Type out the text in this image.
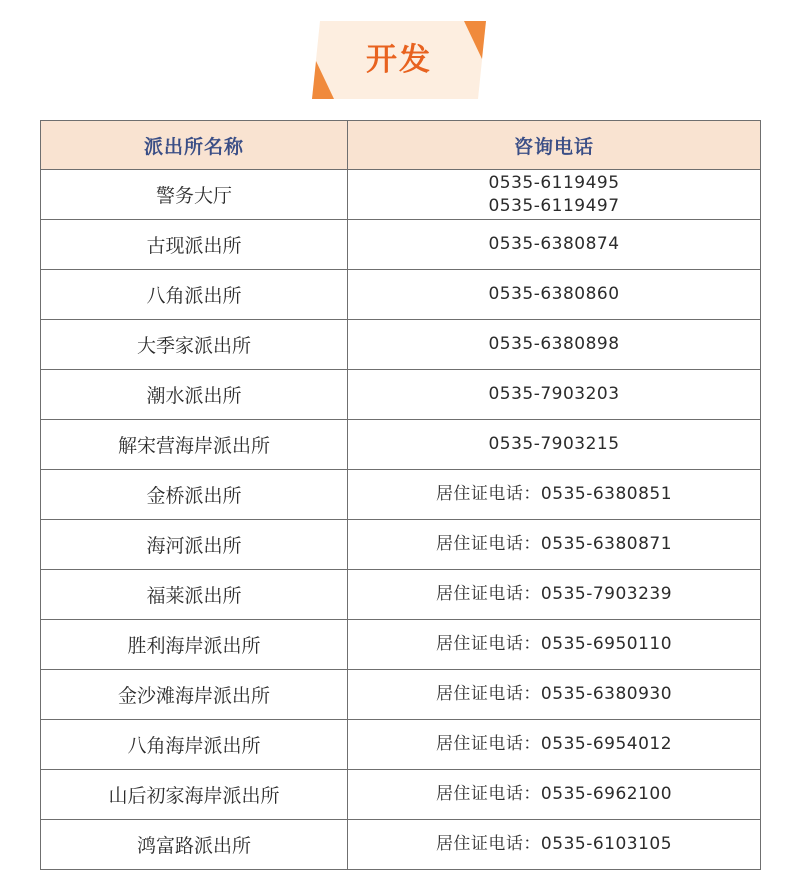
开发
派出所名称	咨询电话
警务大厅	0535-6119495
0535-6119497

古现派出所	0535-6380874

八角派出所	0535-6380860

大季家派出所	0535-6380898

潮水派出所	0535-7903203

解宋营海岸派出所	0535-7903215

金桥派出所	居住证电话：0535-6380851

海河派出所	居住证电话：0535-6380871

福莱派出所	居住证电话：0535-7903239

胜利海岸派出所	居住证电话：0535-6950110

金沙滩海岸派出所	居住证电话：0535-6380930

八角海岸派出所	居住证电话：0535-6954012

山后初家海岸派出所	居住证电话：0535-6962100

鸿富路派出所	居住证电话：0535-6103105
